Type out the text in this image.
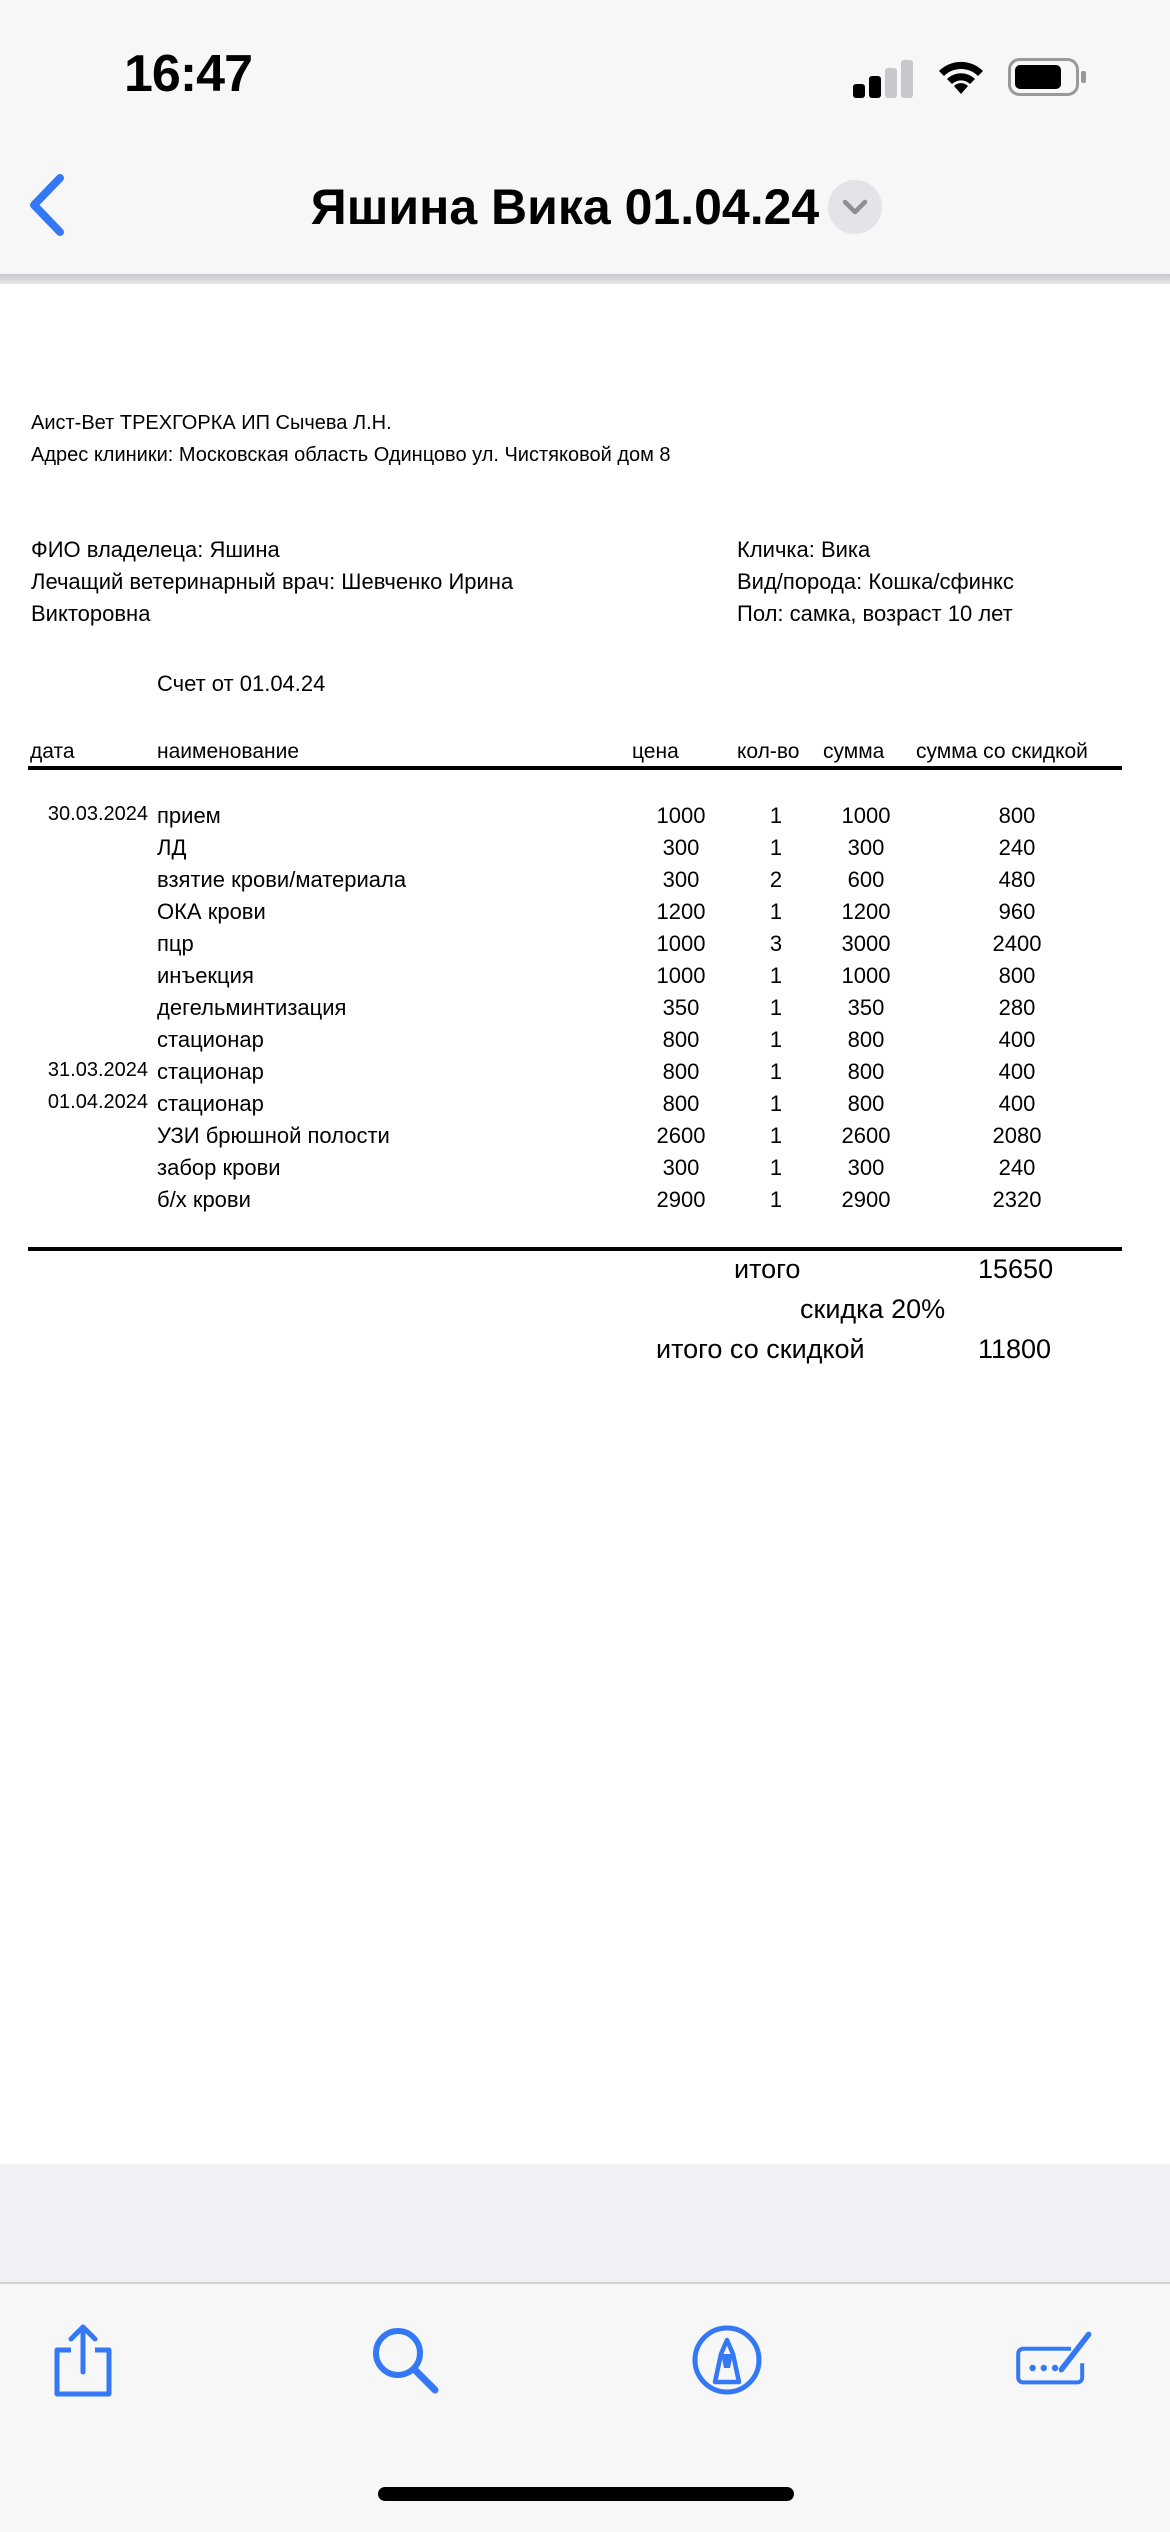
16:47
Яшина Вика 01.04.24
Аист-Вет ТРЕХГОРКА ИП Сычева Л.Н.
Адрес клиники: Московская область Одинцово ул. Чистяковой дом 8
ФИО владелеца: Яшина
Лечащий ветеринарный врач: Шевченко Ирина
Викторовна
Кличка: Вика
Вид/порода: Кошка/сфинкс
Пол: самка, возраст 10 лет
Счет от 01.04.24
дата	наименование	цена	кол-во сумма сумма со скидкой
30.03.2024 прием	1000	1	1000	800
ЛД	300	1	300	240
взятие крови/материала	300	2	600	480
ОКА крови	1200	1	1200	960
пцр	1000	3	3000	2400
инъекция	1000	1	1000	800
дегельминтизация	350	1	350	280
стационар	800	1	800	400
31.03.2024 стационар	800	1	800	400
01.04.2024 стационар	800	1	800	400
УЗИ брюшной полости	2600	1	2600	2080
забор крови	300	1	300	240
б/х крови	2900	1	2900	2320
итого	15650
скидка 20%
итого со скидкой	11800
